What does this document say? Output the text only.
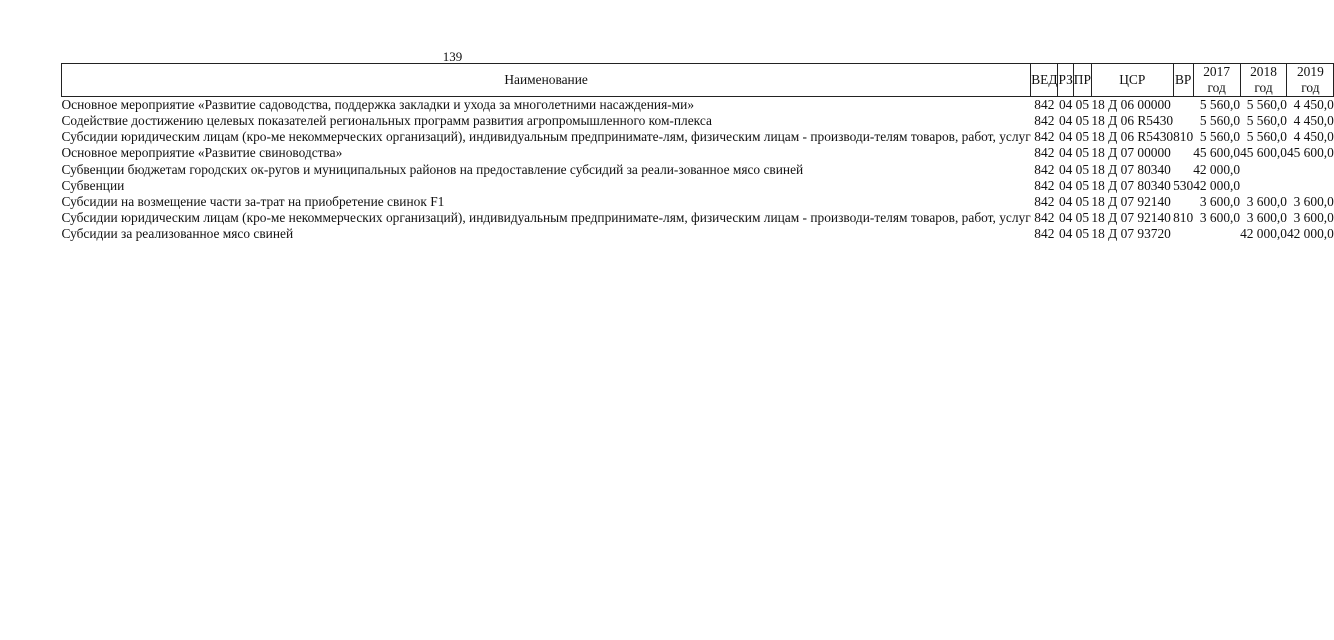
139
Наименование	ВЕД	РЗ	ПР	ЦСР	ВР	2017 год	2018 год	2019 год
Основное мероприятие «Развитие садоводства, поддержка закладки и ухода за многолетними насаждения-ми»	842	04	05	18 Д 06 00000		5 560,0	5 560,0	4 450,0
Содействие достижению целевых показателей региональных программ развития агропромышленного ком-плекса	842	04	05	18 Д 06 R5430		5 560,0	5 560,0	4 450,0
Субсидии юридическим лицам (кро-ме некоммерческих организаций), индивидуальным предпринимате-лям, физическим лицам - производи-телям товаров, работ, услуг	842	04	05	18 Д 06 R5430	810	5 560,0	5 560,0	4 450,0
Основное мероприятие «Развитие свиноводства»	842	04	05	18 Д 07 00000		45 600,0	45 600,0	45 600,0
Субвенции бюджетам городских ок-ругов и муниципальных районов на предоставление субсидий за реали-зованное мясо свиней	842	04	05	18 Д 07 80340		42 000,0		
Субвенции	842	04	05	18 Д 07 80340	530	42 000,0		
Субсидии на возмещение части за-трат на приобретение свинок F1	842	04	05	18 Д 07 92140		3 600,0	3 600,0	3 600,0
Субсидии юридическим лицам (кро-ме некоммерческих организаций), индивидуальным предпринимате-лям, физическим лицам - производи-телям товаров, работ, услуг	842	04	05	18 Д 07 92140	810	3 600,0	3 600,0	3 600,0
Субсидии за реализованное мясо свиней	842	04	05	18 Д 07 93720			42 000,0	42 000,0
